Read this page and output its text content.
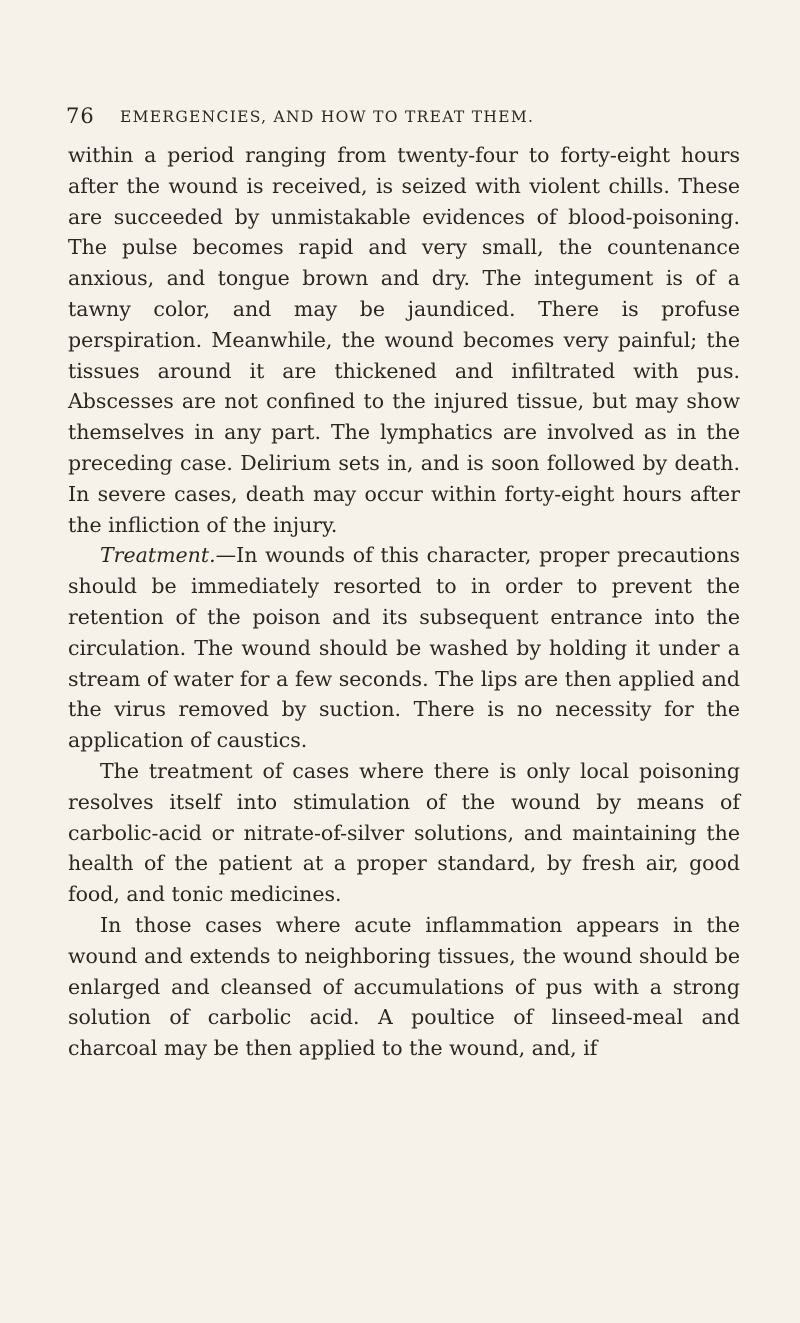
76 EMERGENCIES, AND HOW TO TREAT THEM.

within a period ranging from twenty-four to forty-eight hours after the wound is received, is seized with violent chills. These are succeeded by unmistakable evidences of blood-poisoning. The pulse becomes rapid and very small, the countenance anxious, and tongue brown and dry. The integument is of a tawny color, and may be jaundiced. There is profuse perspiration. Meanwhile, the wound becomes very painful; the tissues around it are thickened and infiltrated with pus. Abscesses are not confined to the injured tissue, but may show themselves in any part. The lymphatics are involved as in the preceding case. Delirium sets in, and is soon followed by death. In severe cases, death may occur within forty-eight hours after the infliction of the injury.

Treatment.—In wounds of this character, proper precautions should be immediately resorted to in order to prevent the retention of the poison and its subsequent entrance into the circulation. The wound should be washed by holding it under a stream of water for a few seconds. The lips are then applied and the virus removed by suction. There is no necessity for the application of caustics.

The treatment of cases where there is only local poisoning resolves itself into stimulation of the wound by means of carbolic-acid or nitrate-of-silver solutions, and maintaining the health of the patient at a proper standard, by fresh air, good food, and tonic medicines.

In those cases where acute inflammation appears in the wound and extends to neighboring tissues, the wound should be enlarged and cleansed of accumulations of pus with a strong solution of carbolic acid. A poultice of linseed-meal and charcoal may be then applied to the wound, and, if
